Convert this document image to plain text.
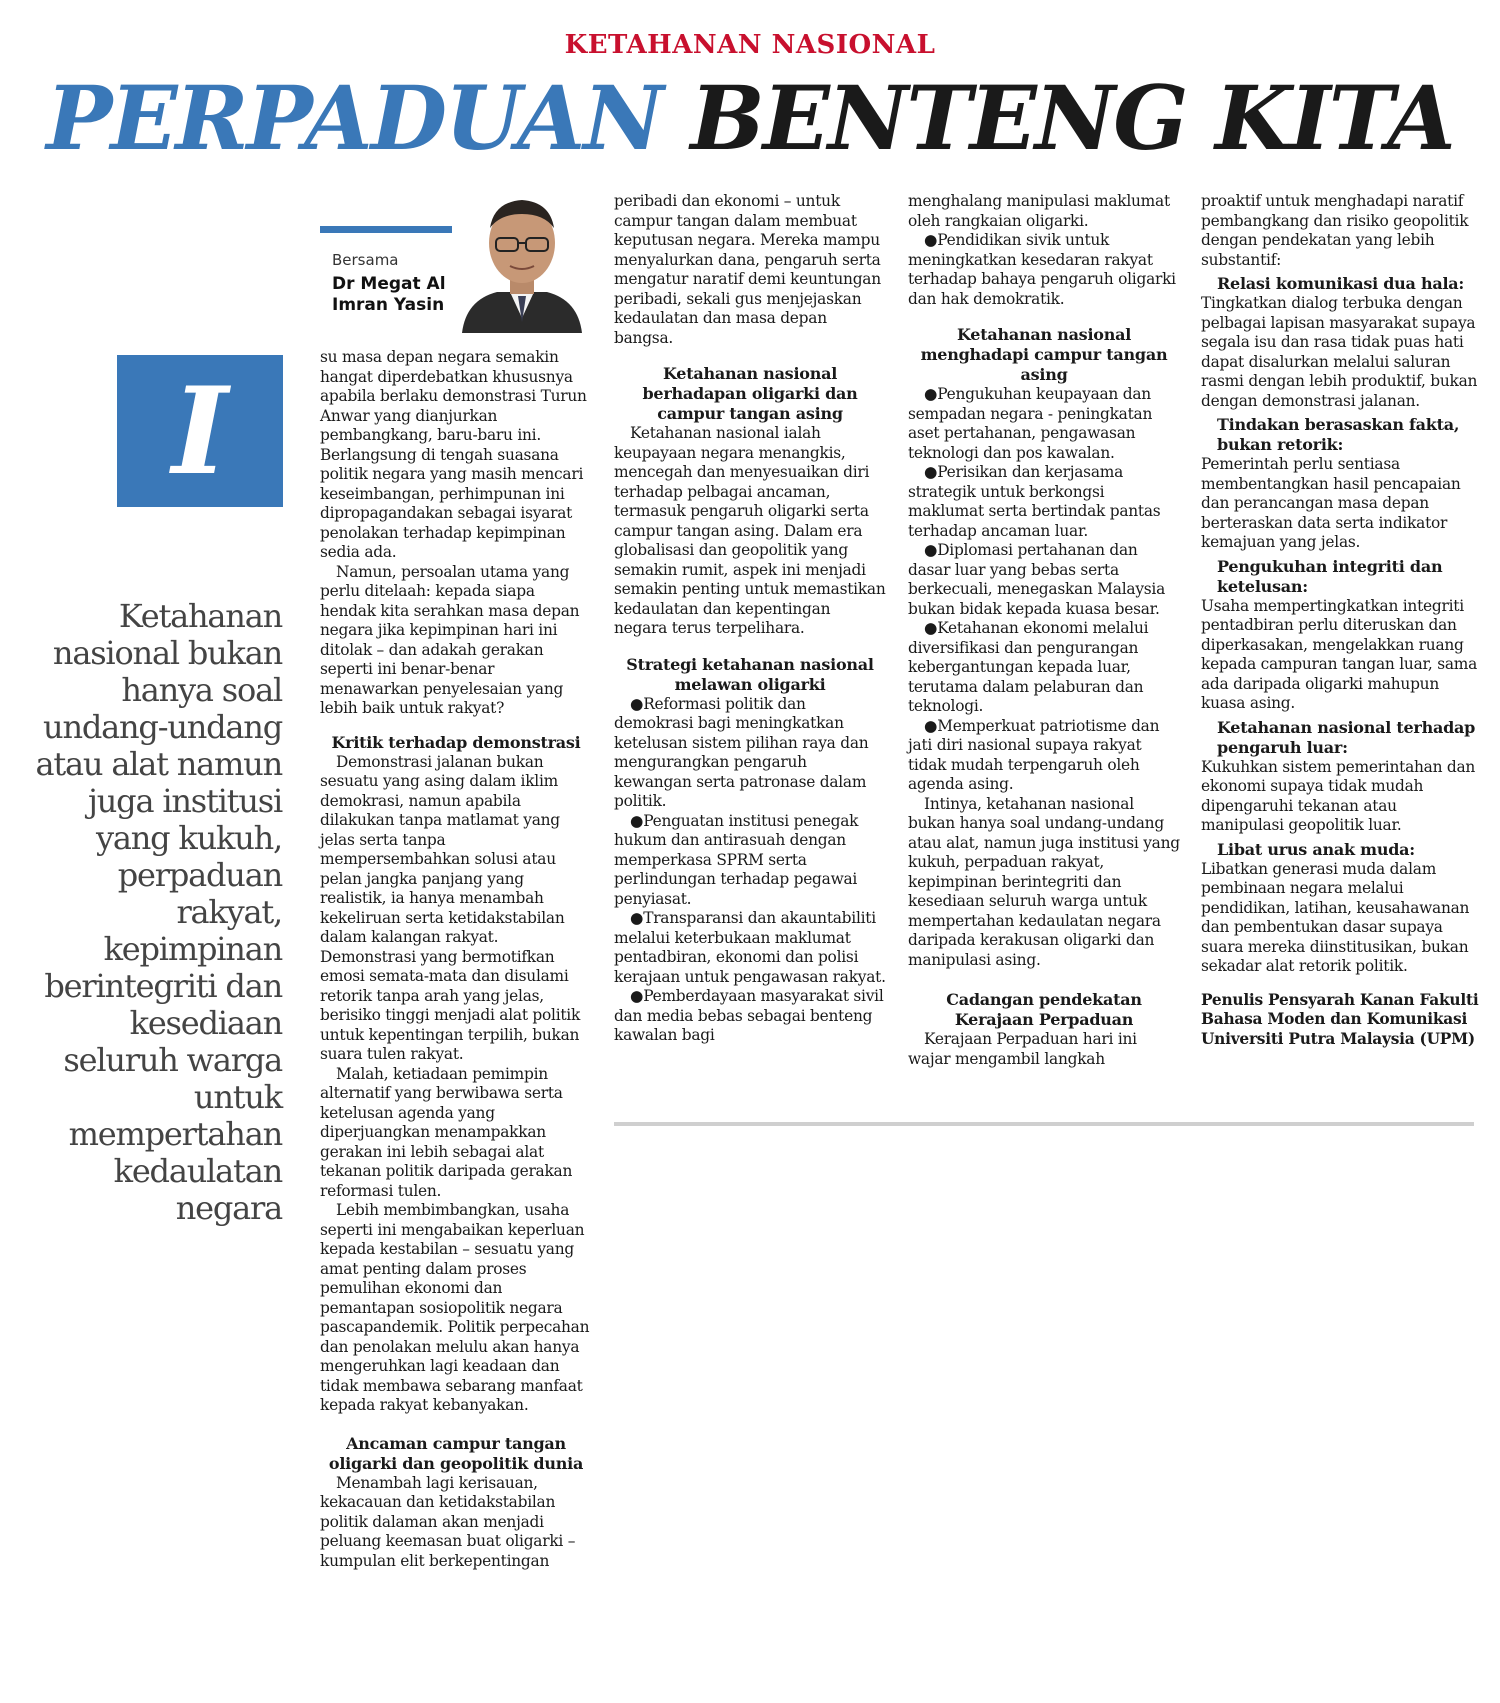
KETAHANAN NASIONAL
PERPADUAN BENTENG KITA
Bersama
Dr Megat Al Imran Yasin
I
Ketahanan nasional bukan hanya soal undang-undang atau alat namun juga institusi yang kukuh, perpaduan rakyat, kepimpinan berintegriti dan kesediaan seluruh warga untuk mempertahan kedaulatan negara

su masa depan negara semakin hangat diperdebatkan khususnya apabila berlaku demonstrasi Turun Anwar yang dianjurkan pembangkang, baru-baru ini. Berlangsung di tengah suasana politik negara yang masih mencari keseimbangan, perhimpunan ini dipropagandakan sebagai isyarat penolakan terhadap kepimpinan sedia ada.

Namun, persoalan utama yang perlu ditelaah: kepada siapa hendak kita serahkan masa depan negara jika kepimpinan hari ini ditolak – dan adakah gerakan seperti ini benar-benar menawarkan penyelesaian yang lebih baik untuk rakyat?

Kritik terhadap demonstrasi

Demonstrasi jalanan bukan sesuatu yang asing dalam iklim demokrasi, namun apabila dilakukan tanpa matlamat yang jelas serta tanpa mempersembahkan solusi atau pelan jangka panjang yang realistik, ia hanya menambah kekeliruan serta ketidakstabilan dalam kalangan rakyat. Demonstrasi yang bermotifkan emosi semata-mata dan disulami retorik tanpa arah yang jelas, berisiko tinggi menjadi alat politik untuk kepentingan terpilih, bukan suara tulen rakyat.

Malah, ketiadaan pemimpin alternatif yang berwibawa serta ketelusan agenda yang diperjuangkan menampakkan gerakan ini lebih sebagai alat tekanan politik daripada gerakan reformasi tulen.

Lebih membimbangkan, usaha seperti ini mengabaikan keperluan kepada kestabilan – sesuatu yang amat penting dalam proses pemulihan ekonomi dan pemantapan sosiopolitik negara pascapandemik. Politik perpecahan dan penolakan melulu akan hanya mengeruhkan lagi keadaan dan tidak membawa sebarang manfaat kepada rakyat kebanyakan.

Ancaman campur tangan oligarki dan geopolitik dunia

Menambah lagi kerisauan, kekacauan dan ketidakstabilan politik dalaman akan menjadi peluang keemasan buat oligarki – kumpulan elit berkepentingan

peribadi dan ekonomi – untuk campur tangan dalam membuat keputusan negara. Mereka mampu menyalurkan dana, pengaruh serta mengatur naratif demi keuntungan peribadi, sekali gus menjejaskan kedaulatan dan masa depan bangsa.

Ketahanan nasional berhadapan oligarki dan campur tangan asing

Ketahanan nasional ialah keupayaan negara menangkis, mencegah dan menyesuaikan diri terhadap pelbagai ancaman, termasuk pengaruh oligarki serta campur tangan asing. Dalam era globalisasi dan geopolitik yang semakin rumit, aspek ini menjadi semakin penting untuk memastikan kedaulatan dan kepentingan negara terus terpelihara.

Strategi ketahanan nasional melawan oligarki

● Reformasi politik dan demokrasi bagi meningkatkan ketelusan sistem pilihan raya dan mengurangkan pengaruh kewangan serta patronase dalam politik.

● Penguatan institusi penegak hukum dan antirasuah dengan memperkasa SPRM serta perlindungan terhadap pegawai penyiasat.

● Transparansi dan akauntabiliti melalui keterbukaan maklumat pentadbiran, ekonomi dan polisi kerajaan untuk pengawasan rakyat.

● Pemberdayaan masyarakat sivil dan media bebas sebagai benteng kawalan bagi

menghalang manipulasi maklumat oleh rangkaian oligarki.

● Pendidikan sivik untuk meningkatkan kesedaran rakyat terhadap bahaya pengaruh oligarki dan hak demokratik.

Ketahanan nasional menghadapi campur tangan asing

● Pengukuhan keupayaan dan sempadan negara - peningkatan aset pertahanan, pengawasan teknologi dan pos kawalan.

● Perisikan dan kerjasama strategik untuk berkongsi maklumat serta bertindak pantas terhadap ancaman luar.

● Diplomasi pertahanan dan dasar luar yang bebas serta berkecuali, menegaskan Malaysia bukan bidak kepada kuasa besar.

● Ketahanan ekonomi melalui diversifikasi dan pengurangan kebergantungan kepada luar, terutama dalam pelaburan dan teknologi.

● Memperkuat patriotisme dan jati diri nasional supaya rakyat tidak mudah terpengaruh oleh agenda asing.

Intinya, ketahanan nasional bukan hanya soal undang-undang atau alat, namun juga institusi yang kukuh, perpaduan rakyat, kepimpinan berintegriti dan kesediaan seluruh warga untuk mempertahan kedaulatan negara daripada kerakusan oligarki dan manipulasi asing.

Cadangan pendekatan Kerajaan Perpaduan

Kerajaan Perpaduan hari ini wajar mengambil langkah

proaktif untuk menghadapi naratif pembangkang dan risiko geopolitik dengan pendekatan yang lebih substantif:

Relasi komunikasi dua hala:

Tingkatkan dialog terbuka dengan pelbagai lapisan masyarakat supaya segala isu dan rasa tidak puas hati dapat disalurkan melalui saluran rasmi dengan lebih produktif, bukan dengan demonstrasi jalanan.

Tindakan berasaskan fakta, bukan retorik:

Pemerintah perlu sentiasa membentangkan hasil pencapaian dan perancangan masa depan berteraskan data serta indikator kemajuan yang jelas.

Pengukuhan integriti dan ketelusan:

Usaha mempertingkatkan integriti pentadbiran perlu diteruskan dan diperkasakan, mengelakkan ruang kepada campuran tangan luar, sama ada daripada oligarki mahupun kuasa asing.

Ketahanan nasional terhadap pengaruh luar:

Kukuhkan sistem pemerintahan dan ekonomi supaya tidak mudah dipengaruhi tekanan atau manipulasi geopolitik luar.

Libat urus anak muda:

Libatkan generasi muda dalam pembinaan negara melalui pendidikan, latihan, keusahawanan dan pembentukan dasar supaya suara mereka diinstitusikan, bukan sekadar alat retorik politik.

Penulis Pensyarah Kanan Fakulti Bahasa Moden dan Komunikasi Universiti Putra Malaysia (UPM)
